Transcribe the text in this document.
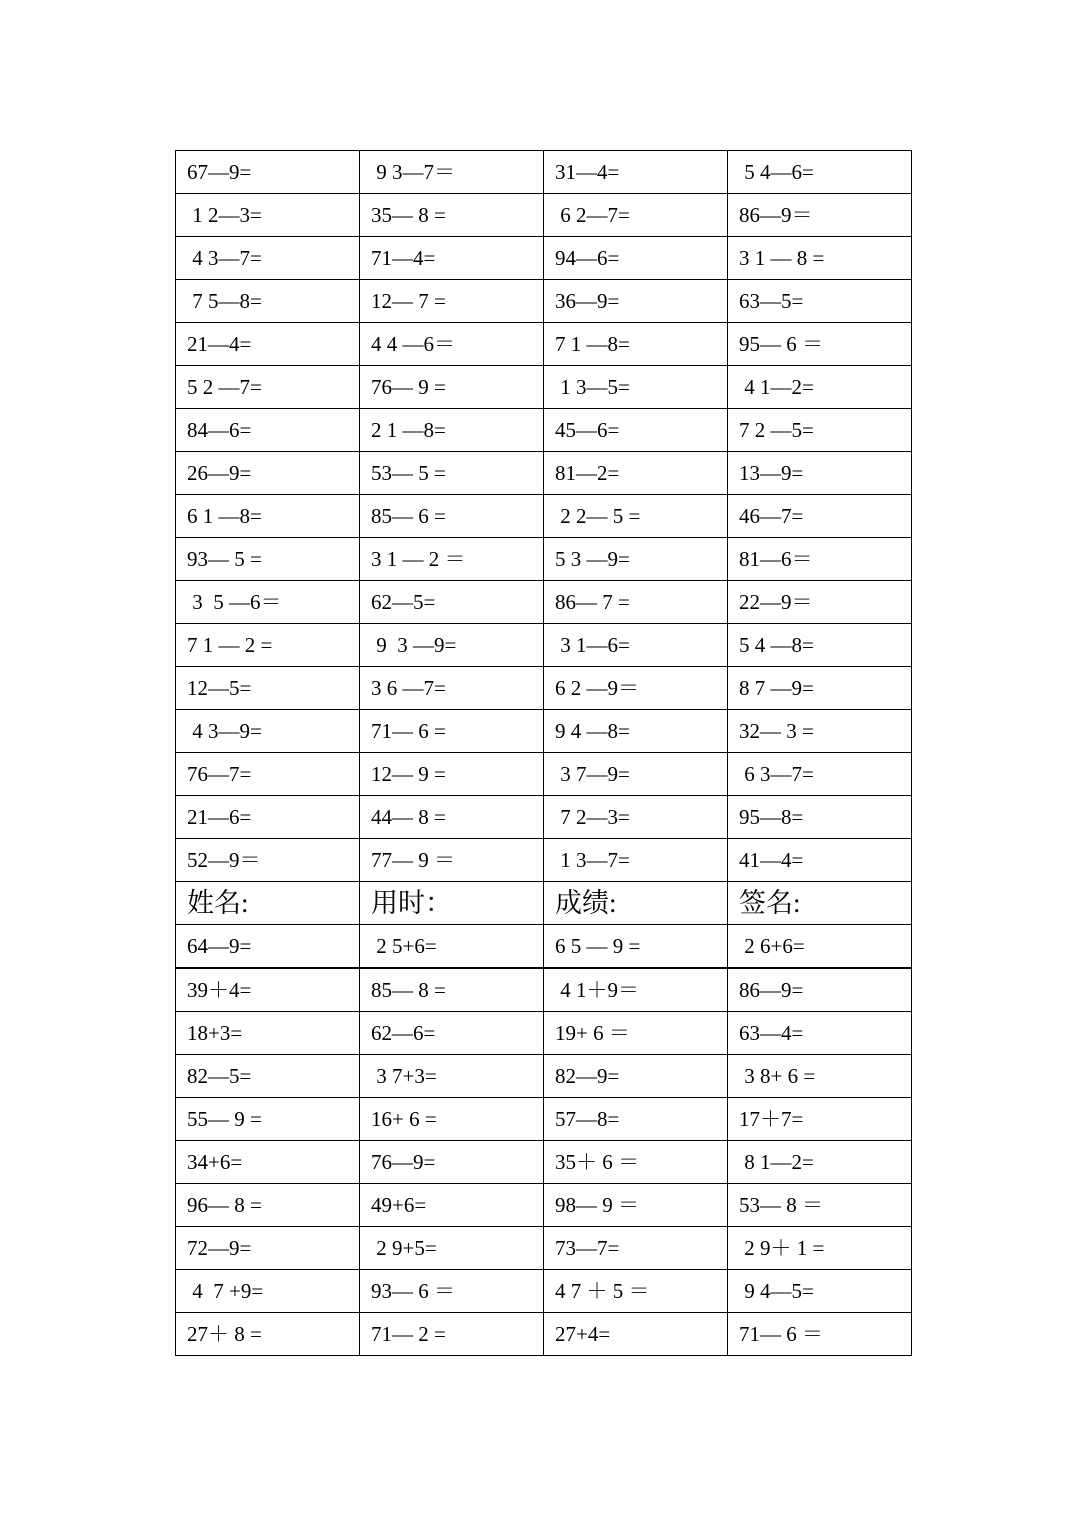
67—9=	9 3—7＝	31—4=	5 4—6=
1 2—3=	35— 8 =	6 2—7=	86—9＝
4 3—7=	71—4=	94—6=	3 1 — 8 =
7 5—8=	12— 7 =	36—9=	63—5=
21—4=	4 4 —6＝	7 1 —8=	95— 6 ＝
5 2 —7=	76— 9 =	1 3—5=	4 1—2=
84—6=	2 1 —8=	45—6=	7 2 —5=
26—9=	53— 5 =	81—2=	13—9=
6 1 —8=	85— 6 =	2 2— 5 =	46—7=
93— 5 =	3 1 — 2 ＝	5 3 —9=	81—6＝
3  5 —6＝	62—5=	86— 7 =	22—9＝
7 1 — 2 =	9  3 —9=	3 1—6=	5 4 —8=
12—5=	3 6 —7=	6 2 —9＝	8 7 —9=
4 3—9=	71— 6 =	9 4 —8=	32— 3 =
76—7=	12— 9 =	3 7—9=	6 3—7=
21—6=	44— 8 =	7 2—3=	95—8=
52—9＝	77— 9 ＝	1 3—7=	41—4=
姓名:	用时：	成绩:	签名:
64—9=	2 5+6=	6 5 — 9 =	2 6+6=
39＋4=	85— 8 =	4 1＋9＝	86—9=
18+3=	62—6=	19+ 6 ＝	63—4=
82—5=	3 7+3=	82—9=	3 8+ 6 =
55— 9 =	16+ 6 =	57—8=	17＋7=
34+6=	76—9=	35＋ 6 ＝	8 1—2=
96— 8 =	49+6=	98— 9 ＝	53— 8 ＝
72—9=	2 9+5=	73—7=	2 9＋ 1 =
4  7 +9=	93— 6 ＝	4 7 ＋ 5 ＝	9 4—5=
27＋ 8 =	71— 2 =	27+4=	71— 6 ＝
